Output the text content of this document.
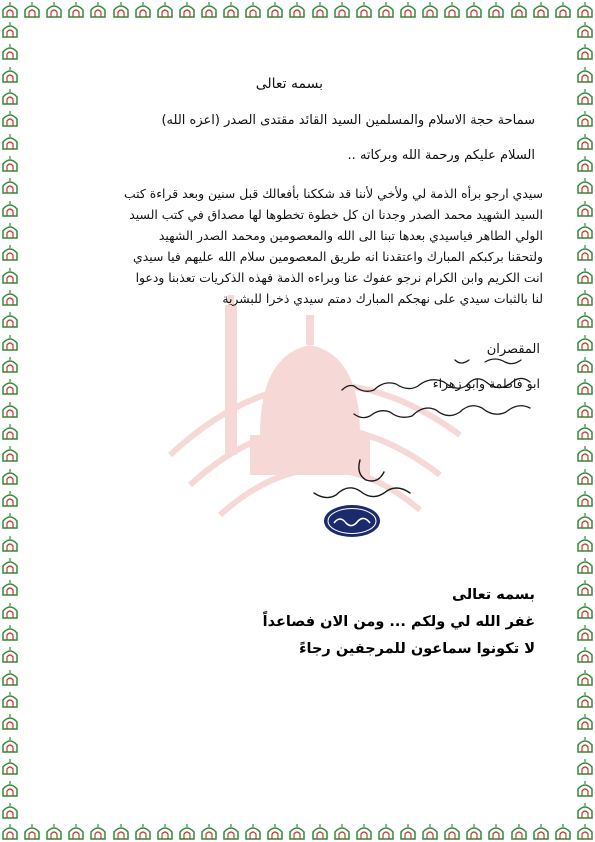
بسمه تعالى
سماحة حجة الاسلام والمسلمين السيد القائد مقتدى الصدر (اعزه الله)
السلام عليكم ورحمة الله وبركاته ..
سيدي ارجو برأه الذمة لي ولأخي لأننا قد شككنا بأفعالك قبل سنين وبعد قراءة كتب
السيد الشهيد محمد الصدر وجدنا ان كل خطوة تخطوها لها مصداق في كتب السيد
الولي الطاهر فياسيدي بعدها تبنا الى الله والمعصومين ومحمد الصدر الشهيد
ولتحقنا بركبكم المبارك واعتقدنا انه طريق المعصومين سلام الله عليهم فيا سيدي
انت الكريم وابن الكرام نرجو عفوك عنا وبراءه الذمة فهذه الذكريات تعذبنا ودعوا
لنا بالثبات سيدي على نهجكم المبارك دمتم سيدي ذخرا للبشرية
المقصران
ابو فاطمة وابو زهراء
بسمه تعالى
غفر الله لي ولكم ... ومن الان فصاعداً
لا تكونوا سماعون للمرجفين رجاءً
